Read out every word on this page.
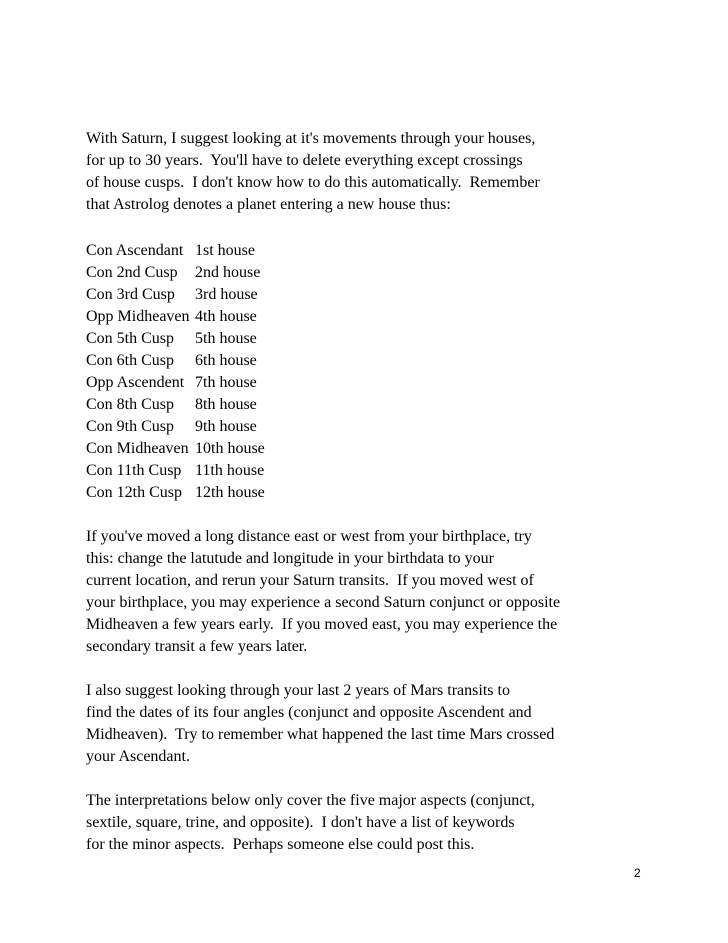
With Saturn, I suggest looking at it's movements through your houses,
for up to 30 years.  You'll have to delete everything except crossings
of house cusps.  I don't know how to do this automatically.  Remember
that Astrolog denotes a planet entering a new house thus:
Con Ascendant 1st house
Con 2nd Cusp	2nd house
Con 3rd Cusp	3rd house
Opp Midheaven 4th house
Con 5th Cusp	5th house
Con 6th Cusp	6th house
Opp Ascendent 7th house
Con 8th Cusp	8th house
Con 9th Cusp	9th house
Con Midheaven 10th house
Con 11th Cusp 11th house
Con 12th Cusp 12th house
If you've moved a long distance east or west from your birthplace, try
this: change the latutude and longitude in your birthdata to your
current location, and rerun your Saturn transits.  If you moved west of
your birthplace, you may experience a second Saturn conjunct or opposite
Midheaven a few years early.  If you moved east, you may experience the
secondary transit a few years later.
I also suggest looking through your last 2 years of Mars transits to
find the dates of its four angles (conjunct and opposite Ascendent and
Midheaven).  Try to remember what happened the last time Mars crossed
your Ascendant.
The interpretations below only cover the five major aspects (conjunct,
sextile, square, trine, and opposite).  I don't have a list of keywords
for the minor aspects.  Perhaps someone else could post this.
2
